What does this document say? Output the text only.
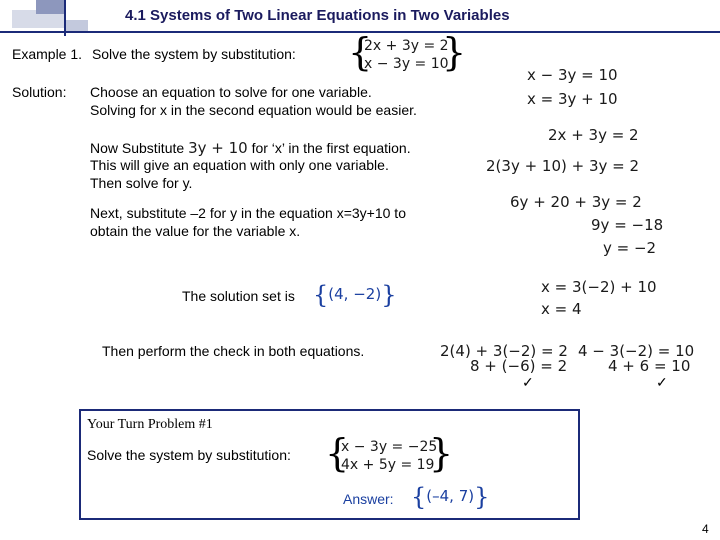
4.1 Systems of Two Linear Equations in Two Variables
Example 1. Solve the system by substitution: {
2x + 3y = 2
x − 3y = 10
}
Solution: Choose an equation to solve for one variable.
Solving for x in the second equation would be easier.
Now Substitute 3y + 10 for ‘x’ in the first equation.
This will give an equation with only one variable.
Then solve for y.
Next, substitute –2 for y in the equation x=3y+10 to
obtain the value for the variable x.
The solution set is {(4, −2)}
Then perform the check in both equations.
x − 3y = 10
x = 3y + 10
2x + 3y = 2
2(3y + 10) + 3y = 2
6y + 20 + 3y = 2
9y = −18
y = −2
x = 3(−2) + 10
x = 4
2(4) + 3(−2) = 2
8 + (−6) = 2
✓
4 − 3(−2) = 10
4 + 6 = 10
✓
Your Turn Problem #1
Solve the system by substitution: {
x − 3y = −25
4x + 5y = 19
}
Answer: {(–4, 7)}
4
